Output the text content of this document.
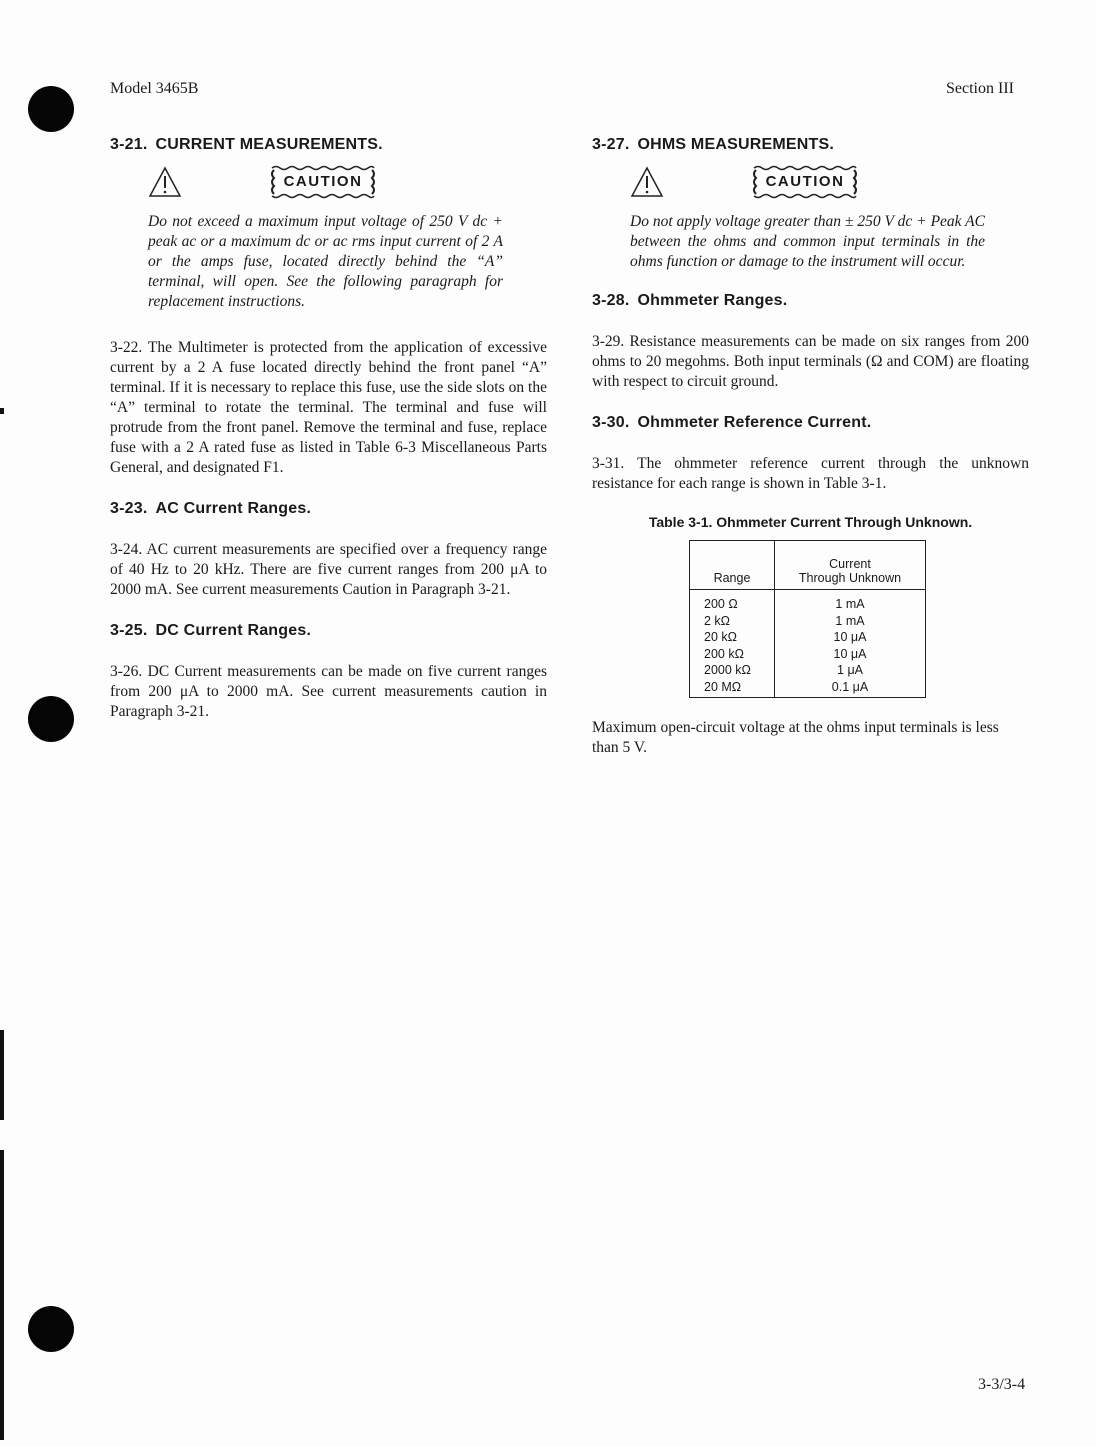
Model 3465B	Section III
3-21. CURRENT MEASUREMENTS.
CAUTION
Do not exceed a maximum input voltage of 250 V dc + peak ac or a maximum dc or ac rms input current of 2 A or the amps fuse, located directly behind the “A” terminal, will open. See the following paragraph for replacement instructions.

3-22. The Multimeter is protected from the application of excessive current by a 2 A fuse located directly behind the front panel “A” terminal. If it is necessary to replace this fuse, use the side slots on the “A” terminal to rotate the terminal. The terminal and fuse will protrude from the front panel. Remove the terminal and fuse, replace fuse with a 2 A rated fuse as listed in Table 6-3 Miscellaneous Parts General, and designated F1.

3-23. AC Current Ranges.

3-24. AC current measurements are specified over a frequency range of 40 Hz to 20 kHz. There are five current ranges from 200 μA to 2000 mA. See current measurements Caution in Paragraph 3-21.

3-25. DC Current Ranges.

3-26. DC Current measurements can be made on five current ranges from 200 μA to 2000 mA. See current measurements caution in Paragraph 3-21.

3-27. OHMS MEASUREMENTS.
CAUTION
Do not apply voltage greater than ± 250 V dc + Peak AC between the ohms and common input terminals in the ohms function or damage to the instrument will occur.
3-28. Ohmmeter Ranges.

3-29. Resistance measurements can be made on six ranges from 200 ohms to 20 megohms. Both input terminals (Ω and COM) are floating with respect to circuit ground.

3-30. Ohmmeter Reference Current.

3-31. The ohmmeter reference current through the unknown resistance for each range is shown in Table 3-1.

Table 3-1. Ohmmeter Current Through Unknown.

Range	Current
Through Unknown
200 Ω	1 mA
2 kΩ	1 mA
20 kΩ	10 μA
200 kΩ	10 μA
2000 kΩ	1 μA
20 MΩ	0.1 μA

Maximum open-circuit voltage at the ohms input terminals is less than 5 V.

3-3/3-4
